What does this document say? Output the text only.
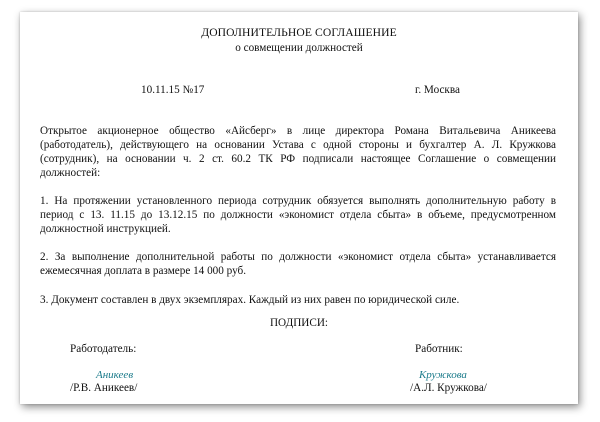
ДОПОЛНИТЕЛЬНОЕ СОГЛАШЕНИЕ
о совмещении должностей
10.11.15 №17	г. Москва

Открытое акционерное общество «Айсберг» в лице директора Романа Витальевича Аникеева (работодатель), действующего на основании Устава с одной стороны и бухгалтер А. Л. Кружкова (сотрудник), на основании ч. 2 ст. 60.2 ТК РФ подписали настоящее Соглашение о совмещении должностей:

1. На протяжении установленного периода сотрудник обязуется выполнять дополнительную работу в период с 13. 11.15 до 13.12.15 по должности «экономист отдела сбыта» в объеме, предусмотренном должностной инструкцией.

2. За выполнение дополнительной работы по должности «экономист отдела сбыта» устанавливается ежемесячная доплата в размере 14 000 руб.

3. Документ составлен в двух экземплярах. Каждый из них равен по юридической силе.

ПОДПИСИ:
Работодатель:	Работник:
Аникеев	Кружкова
/Р.В. Аникеев/	/А.Л. Кружкова/
